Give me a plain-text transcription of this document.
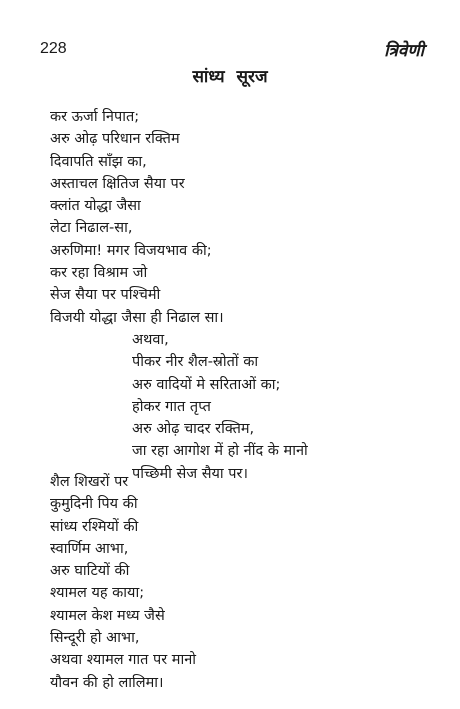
228	त्रिवेणी
सांध्य सूरज
कर ऊर्जा निपात;
अरु ओढ़ परिधान रक्तिम
दिवापति साँझ का,
अस्ताचल क्षितिज सैया पर
क्लांत योद्धा जैसा
लेटा निढाल-सा,
अरुणिमा! मगर विजयभाव की;
कर रहा विश्राम जो
सेज सैया पर पश्चिमी
विजयी योद्धा जैसा ही निढाल सा।
अथवा,
पीकर नीर शैल-स्रोतों का
अरु वादियों मे सरिताओं का;
होकर गात तृप्त
अरु ओढ़ चादर रक्तिम,
जा रहा आगोश में हो नींद के मानो
पच्छिमी सेज सैया पर।
शैल शिखरों पर
कुमुदिनी पिय की
सांध्य रश्मियों की
स्वार्णिम आभा,
अरु घाटियों की
श्यामल यह काया;
श्यामल केश मध्य जैसे
सिन्दूरी हो आभा,
अथवा श्यामल गात पर मानो
यौवन की हो लालिमा।
